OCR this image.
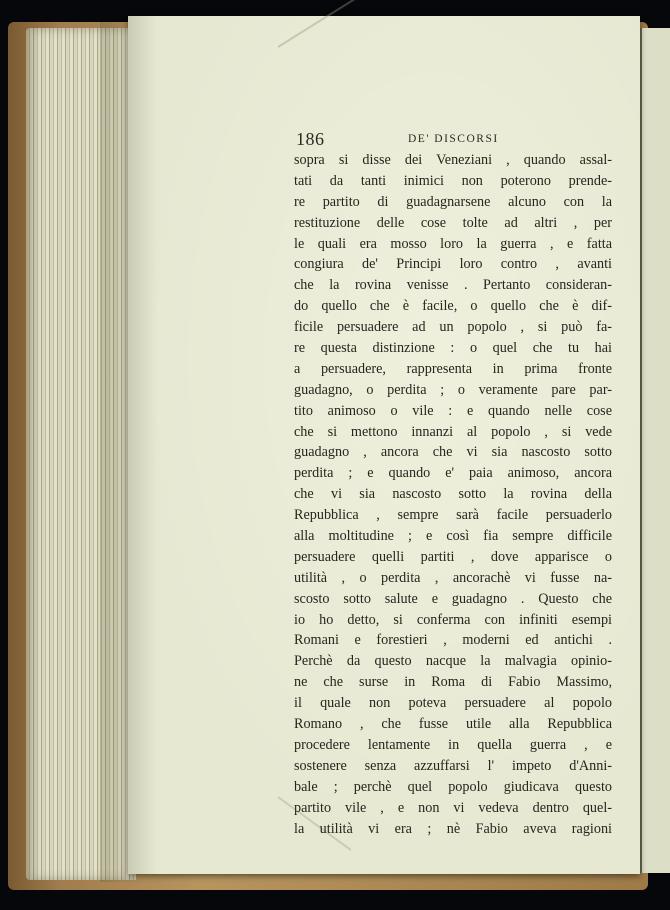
186	DE' DISCORSI
sopra si disse dei Veneziani , quando assal-
tati da tanti inimici non poterono prende-
re partito di guadagnarsene alcuno con la
restituzione delle cose tolte ad altri , per
le quali era mosso loro la guerra , e fatta
congiura de' Principi loro contro , avanti
che la rovina venisse . Pertanto consideran-
do quello che è facile, o quello che è dif-
ficile persuadere ad un popolo , si può fa-
re questa distinzione : o quel che tu hai
a persuadere, rappresenta in prima fronte
guadagno, o perdita ; o veramente pare par-
tito animoso o vile : e quando nelle cose
che si mettono innanzi al popolo , si vede
guadagno , ancora che vi sia nascosto sotto
perdita ; e quando e' paia animoso, ancora
che vi sia nascosto sotto la rovina della
Repubblica , sempre sarà facile persuaderlo
alla moltitudine ; e così fia sempre difficile
persuadere quelli partiti , dove apparisce o
utilità , o perdita , ancorachè vi fusse na-
scosto sotto salute e guadagno . Questo che
io ho detto, si conferma con infiniti esempi
Romani e forestieri , moderni ed antichi .
Perchè da questo nacque la malvagia opinio-
ne che surse in Roma di Fabio Massimo,
il quale non poteva persuadere al popolo
Romano , che fusse utile alla Repubblica
procedere lentamente in quella guerra , e
sostenere senza azzuffarsi l' impeto d'Anni-
bale ; perchè quel popolo giudicava questo
partito vile , e non vi vedeva dentro quel-
la utilità vi era ; nè Fabio aveva ragioni
